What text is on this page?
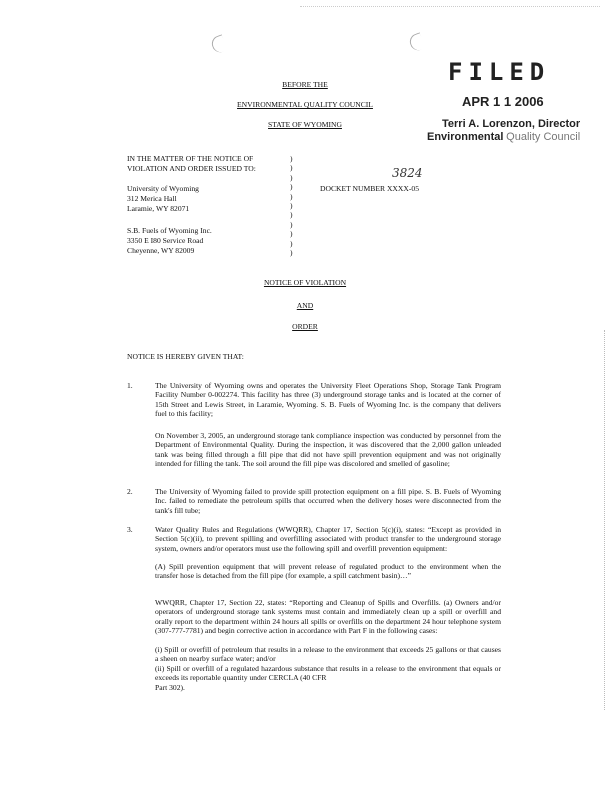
BEFORE THE
ENVIRONMENTAL QUALITY COUNCIL
STATE OF WYOMING
FILED
APR 1 1 2006
Terri A. Lorenzon, Director
Environmental Quality Council
IN THE MATTER OF THE NOTICE OF
VIOLATION AND ORDER ISSUED TO:
University of Wyoming
312 Merica Hall
Laramie, WY 82071
S.B. Fuels of Wyoming Inc.
3350 E I80 Service Road
Cheyenne, WY 82009
)
)
)
)
)
)
)
)
)
)
)
DOCKET NUMBER XXXX-05
3824
NOTICE OF VIOLATION
AND
ORDER
NOTICE IS HEREBY GIVEN THAT:
1.	The University of Wyoming owns and operates the University Fleet Operations Shop, Storage Tank Program Facility Number 0-002274. This facility has three (3) underground storage tanks and is located at the corner of 15th Street and Lewis Street, in Laramie, Wyoming. S. B. Fuels of Wyoming Inc. is the company that delivers fuel to this facility;
On November 3, 2005, an underground storage tank compliance inspection was conducted by personnel from the Department of Environmental Quality. During the inspection, it was discovered that the 2,000 gallon unleaded tank was being filled through a fill pipe that did not have spill prevention equipment and was not originally intended for filling the tank. The soil around the fill pipe was discolored and smelled of gasoline;
2.	The University of Wyoming failed to provide spill protection equipment on a fill pipe. S. B. Fuels of Wyoming Inc. failed to remediate the petroleum spills that occurred when the delivery hoses were disconnected from the tank's fill tube;
3.	Water Quality Rules and Regulations (WWQRR), Chapter 17, Section 5(c)(i), states: “Except as provided in Section 5(c)(ii), to prevent spilling and overfilling associated with product transfer to the underground storage system, owners and/or operators must use the following spill and overfill prevention equipment:
(A) Spill prevention equipment that will prevent release of regulated product to the environment when the transfer hose is detached from the fill pipe (for example, a spill catchment basin)…”
WWQRR, Chapter 17, Section 22, states: “Reporting and Cleanup of Spills and Overfills. (a) Owners and/or operators of underground storage tank systems must contain and immediately clean up a spill or overfill and orally report to the department within 24 hours all spills or overfills on the department 24 hour telephone system (307-777-7781) and begin corrective action in accordance with Part F in the following cases:
(i) Spill or overfill of petroleum that results in a release to the environment that exceeds 25 gallons or that causes a sheen on nearby surface water; and/or
(ii) Spill or overfill of a regulated hazardous substance that results in a release to the environment that equals or exceeds its reportable quantity under CERCLA (40 CFR
Part 302).
